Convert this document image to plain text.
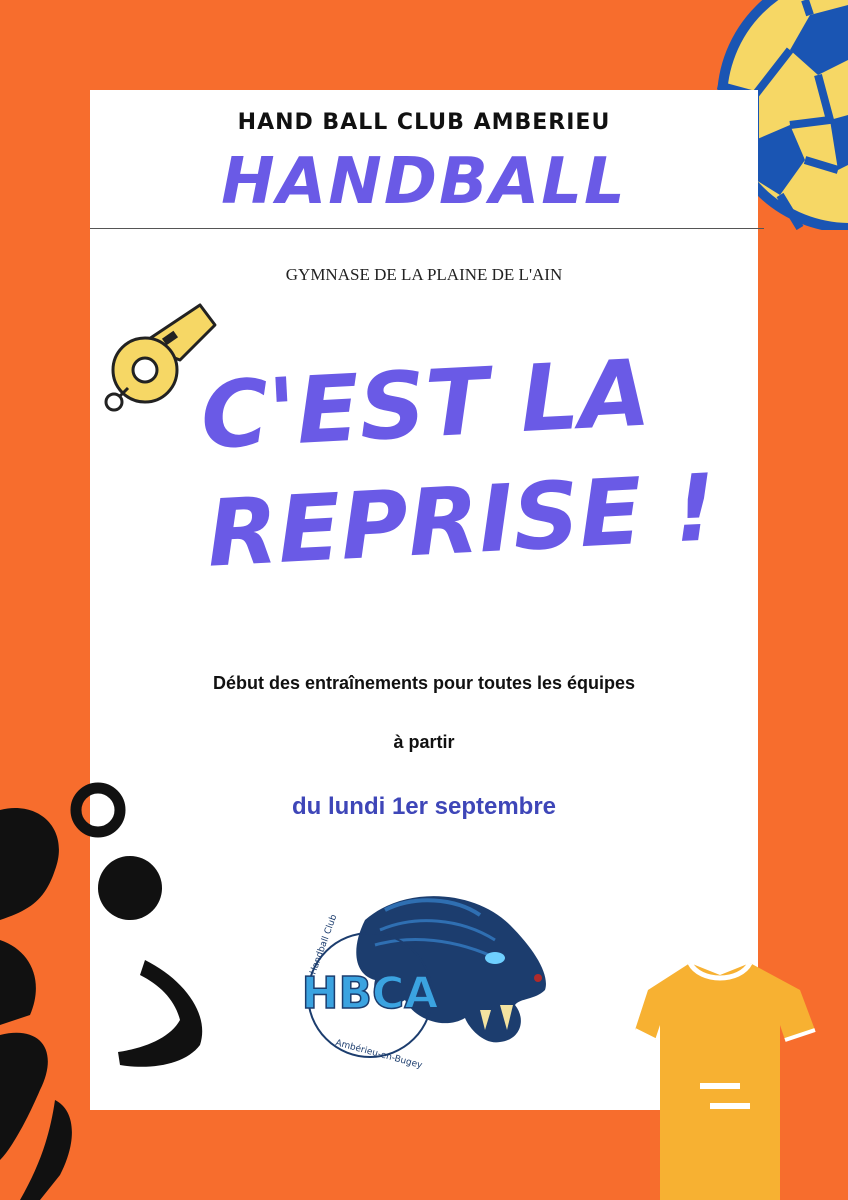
HAND BALL CLUB AMBERIEU
HANDBALL
GYMNASE DE LA PLAINE DE L'AIN
C'EST LA
REPRISE !
Début des entraînements pour toutes les équipes
à partir
du lundi 1er septembre
HBCA
Handball Club
Ambérieu-en-Bugey
